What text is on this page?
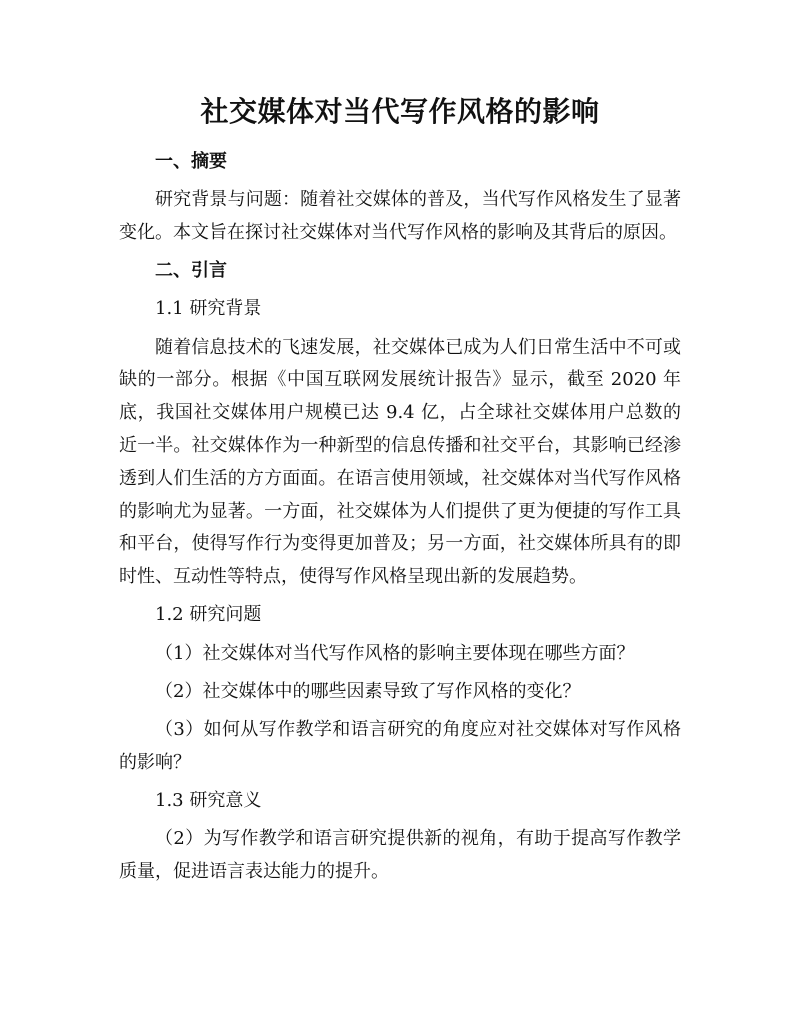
社交媒体对当代写作风格的影响

一、摘要

研究背景与问题：随着社交媒体的普及，当代写作风格发生了显著变化。本文旨在探讨社交媒体对当代写作风格的影响及其背后的原因。

二、引言

1.1 研究背景

随着信息技术的飞速发展，社交媒体已成为人们日常生活中不可或缺的一部分。根据《中国互联网发展统计报告》显示，截至 2020 年底，我国社交媒体用户规模已达 9.4 亿，占全球社交媒体用户总数的近一半。社交媒体作为一种新型的信息传播和社交平台，其影响已经渗透到人们生活的方方面面。在语言使用领域，社交媒体对当代写作风格的影响尤为显著。一方面，社交媒体为人们提供了更为便捷的写作工具和平台，使得写作行为变得更加普及；另一方面，社交媒体所具有的即时性、互动性等特点，使得写作风格呈现出新的发展趋势。

1.2 研究问题

（1）社交媒体对当代写作风格的影响主要体现在哪些方面？

（2）社交媒体中的哪些因素导致了写作风格的变化？

（3）如何从写作教学和语言研究的角度应对社交媒体对写作风格的影响？

1.3 研究意义

（2）为写作教学和语言研究提供新的视角，有助于提高写作教学质量，促进语言表达能力的提升。
